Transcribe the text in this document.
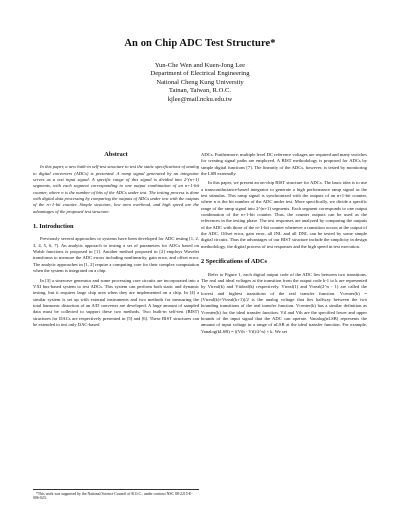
An on Chip ADC Test Structure*
Yun-Che Wen and Kuen-Jong Lee
Department of Electrical Engineering
National Cheng Kung University
Tainan, Taiwan, R.O.C.
kjlee@mail.ncku.edu.tw
Abstract

In this paper, a new built-in self-test structure to test the static specifications of analog to digital converters (ADCs) is presented. A ramp signal generated by an integrator serves as a test input signal. A specific range of this signal is divided into 2^(n+1) segments, with each segment corresponding to one output combination of an n+1-bit counter, where n is the number of bits of the ADCs under test. The testing process is done with digital data processing by comparing the outputs of ADCs under test with the outputs of the n+1-bit counter. Simple structure, low area overhead, and high speed are the advantages of the proposed test structure.

1. Introduction

Previously several approaches or systems have been developed for ADC testing [1, 2, 3, 4, 5, 6, 7]. An analytic approach to testing a set of parameters for ADCs based on Walsh functions is proposed in [1]. Another method proposed in [2] employs Wavelet transforms to measure the ADC errors including nonlinearity, gain error, and offset error. The analytic approaches in [1, 2] require a computing core for their complex computation when the system is integrated on a chip.

In [3] a sinewave generator and some processing core circuits are incorporated into a VXI bus-based system to test ADCs. This system can perform both static and dynamic testing, but it requires large chip area when they are implemented on a chip. In [4] a similar system is set up with external instruments and two methods for measuring the total harmonic distortion of an A/D converter are developed. A large amount of sampled data must be collected to support these two methods. Two built-in self-test (BIST) structures for DACs are respectively presented in [5] and [6]. These BIST structures can be extended to test only DAC-based

*This work was supported by the National Science Council of R.O.C., under contract NSC 88-2215-E-006-023.

ADCs. Furthermore, multiple level DC reference voltages are required and many switches for creating signal paths are employed. A BIST methodology is proposed for ADCs by simple digital functions [7]. The linearity of the ADCs, however, is tested by monitoring the LSB externally.

In this paper, we present an on-chip BIST structure for ADCs. The basic idea is to use a transconductance-based integrator to generate a high performance ramp signal as the test stimulus. This ramp signal is synchronized with the outputs of an n+1-bit counter, where n is the bit number of the ADC under test. More specifically, we divide a specific range of the ramp signal into 2^(n+1) segments. Each segment corresponds to one output combination of the n+1-bit counter. Thus, the counter outputs can be used as the references in the testing phase. The test responses are analyzed by comparing the outputs of the ADC with those of the n+1-bit counter whenever a transition occurs at the output of the ADC. Offset error, gain error, all INL and all DNL can be tested by some simple digital circuits. Thus the advantages of our BIST structure include the simplicity in design methodology, the digital process of test responses and the high speed in test execution.

2 Specifications of ADCs

Refer to Figure 1, each digital output code of the ADC lies between two transitions. The real and ideal voltages at the transition from the output code k-1 to k are represented by Vtreal(k) and Vtideal(k) respectively. Vtreal(1) and Vtreal(2^n - 1) are called the lowest and highest transitions of the real transfer function. Vcenter(k) = (Vtreal(k)+Vtreal(k+1))/2 is the analog voltage that lies halfway between the two bounding transitions of the real transfer function. Vcenter(k) has a similar definition as Vcenter(k) for the ideal transfer function. Vtl and Vth are the specified lower and upper bounds of the input signal that the ADC can operate. Vanalog(nLSB) represents the amount of input voltage in a range of nLSB at the ideal transfer function. For example, Vanalog(kLSB) = ((Vth - Vtl)/2^n) × k. We set
